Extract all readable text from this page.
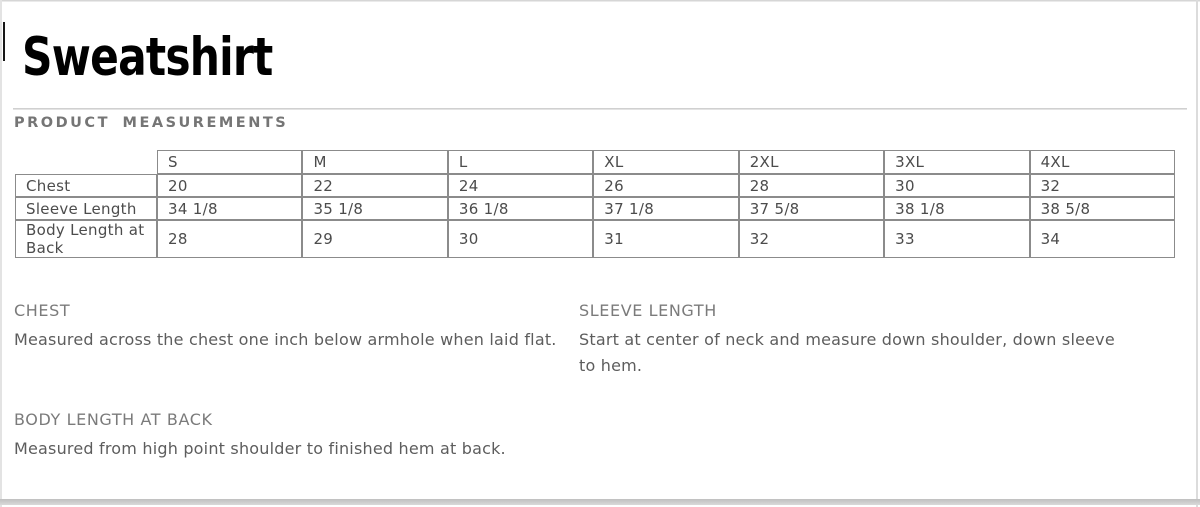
Sweatshirt
PRODUCT MEASUREMENTS
	S	M	L	XL	2XL	3XL	4XL
Chest	20	22	24	26	28	30	32
Sleeve Length	34 1/8	35 1/8	36 1/8	37 1/8	37 5/8	38 1/8	38 5/8
Body Length at Back	28	29	30	31	32	33	34
CHEST

Measured across the chest one inch below armhole when laid flat.

SLEEVE LENGTH

Start at center of neck and measure down shoulder, down sleeve to hem.

BODY LENGTH AT BACK

Measured from high point shoulder to finished hem at back.
